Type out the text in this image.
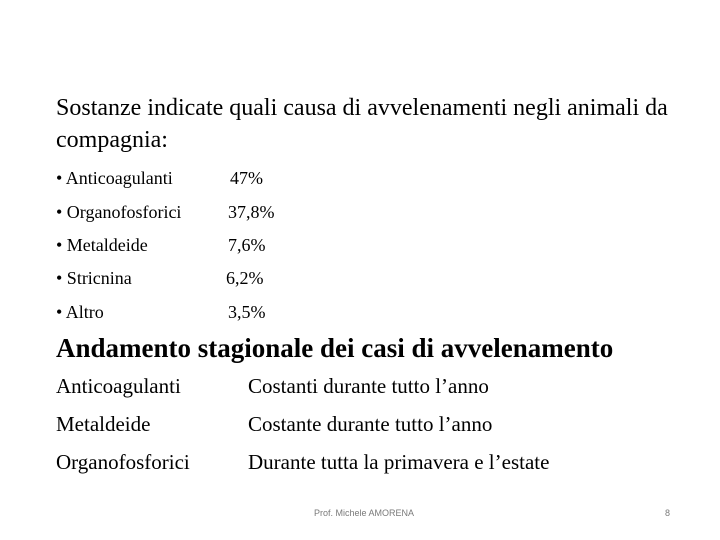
Sostanze indicate quali causa di avvelenamenti negli animali da compagnia:
• Anticoagulanti	47%
• Organofosforici	37,8%
• Metaldeide	7,6%
• Stricnina	6,2%
• Altro	3,5%
Andamento stagionale dei casi di avvelenamento
Anticoagulanti	Costanti durante tutto l’anno
Metaldeide	Costante durante tutto l’anno
Organofosforici	Durante tutta la primavera e l’estate
Prof. Michele AMORENA	8
